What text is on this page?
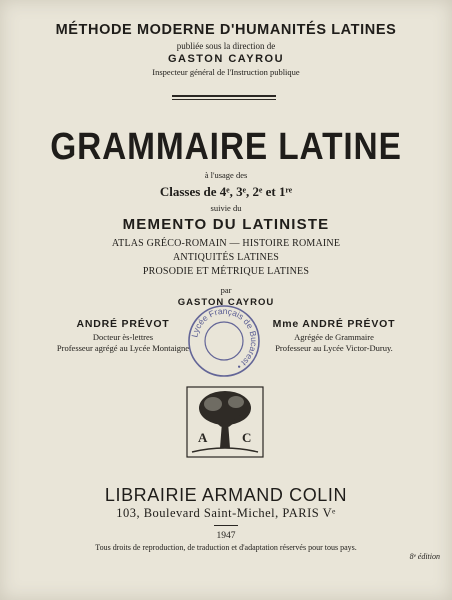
MÉTHODE MODERNE D'HUMANITÉS LATINES
publiée sous la direction de
GASTON CAYROU
Inspecteur général de l'Instruction publique
GRAMMAIRE LATINE
à l'usage des
Classes de 4ᵉ, 3ᵉ, 2ᵉ et 1ʳᵉ
suivie du
MEMENTO DU LATINISTE
ATLAS GRÉCO-ROMAIN — HISTOIRE ROMAINE
ANTIQUITÉS LATINES
PROSODIE ET MÉTRIQUE LATINES
par
GASTON CAYROU
ANDRÉ PRÉVOT
Docteur ès-lettres
Professeur agrégé au Lycée Montaigne
Mme ANDRÉ PRÉVOT
Agrégée de Grammaire
Professeur au Lycée Victor-Duruy.
Lycée Français de Bucarest •
A	C
LIBRAIRIE ARMAND COLIN
103, Boulevard Saint-Michel, PARIS Vᵉ
1947
Tous droits de reproduction, de traduction et d'adaptation réservés pour tous pays.
8ᵉ édition
